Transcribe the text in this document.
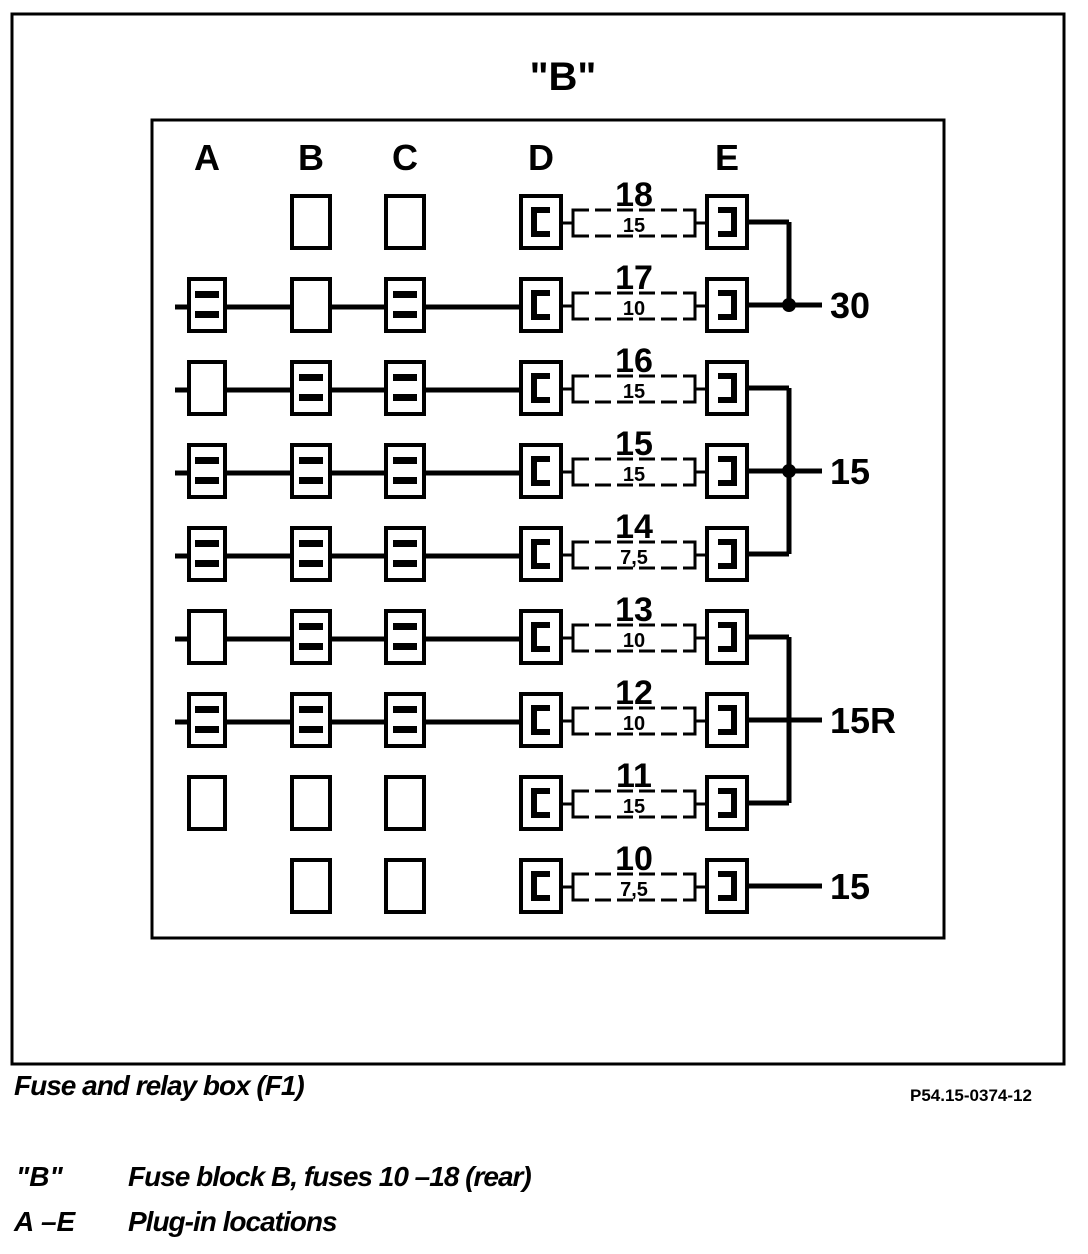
"B"
A B C	D	E
18
15
17
10
16
15
15
15
14
7,5
13
10
12
10
11
15
10
7,5
30
15
15R
15
Fuse and relay box (F1)	P54.15-0374-12
"B" Fuse block B, fuses 10 –18 (rear)
A –E Plug-in locations
